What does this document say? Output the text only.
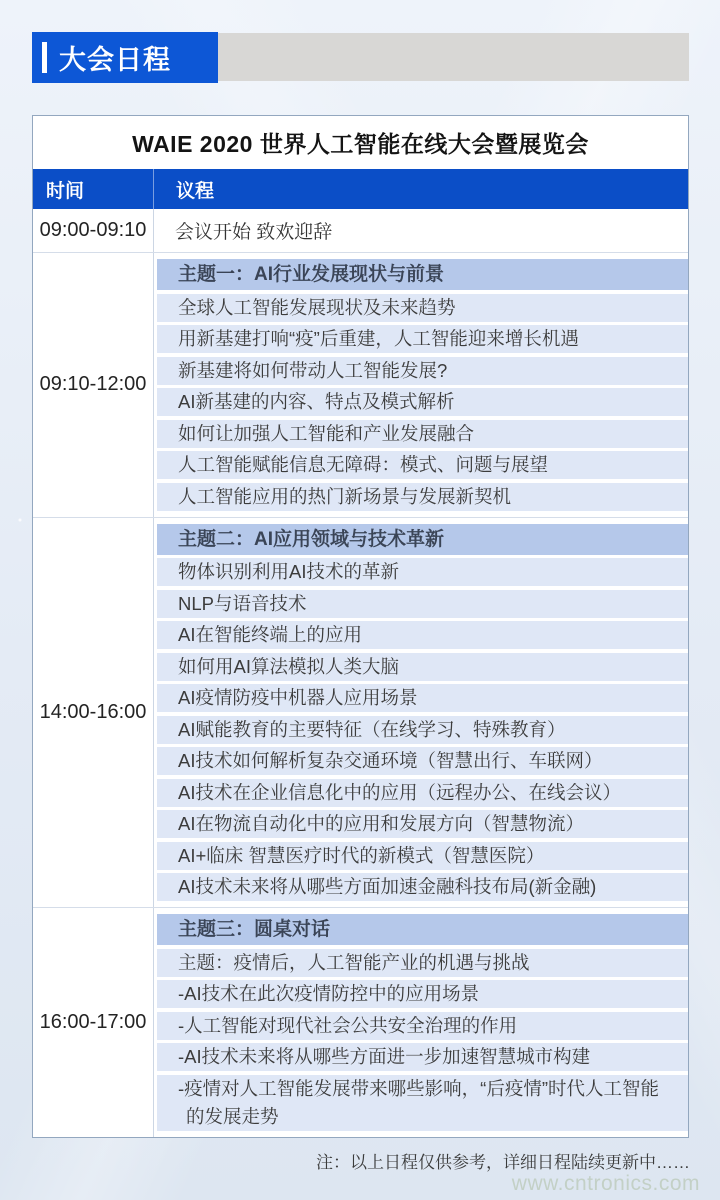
大会日程
WAIE 2020 世界人工智能在线大会暨展览会
时间	议程
09:00-09:10	会议开始 致欢迎辞
09:10-12:00
主题一：AI行业发展现状与前景
全球人工智能发展现状及未来趋势
用新基建打响“疫”后重建，人工智能迎来增长机遇
新基建将如何带动人工智能发展?
AI新基建的内容、特点及模式解析
如何让加强人工智能和产业发展融合
人工智能赋能信息无障碍：模式、问题与展望
人工智能应用的热门新场景与发展新契机
14:00-16:00
主题二：AI应用领域与技术革新
物体识别利用AI技术的革新
NLP与语音技术
AI在智能终端上的应用
如何用AI算法模拟人类大脑
AI疫情防疫中机器人应用场景
AI赋能教育的主要特征（在线学习、特殊教育）
AI技术如何解析复杂交通环境（智慧出行、车联网）
AI技术在企业信息化中的应用（远程办公、在线会议）
AI在物流自动化中的应用和发展方向（智慧物流）
AI+临床 智慧医疗时代的新模式（智慧医院）
AI技术未来将从哪些方面加速金融科技布局(新金融)
16:00-17:00
主题三：圆桌对话
主题：疫情后，人工智能产业的机遇与挑战
-AI技术在此次疫情防控中的应用场景
-人工智能对现代社会公共安全治理的作用
-AI技术未来将从哪些方面进一步加速智慧城市构建
-疫情对人工智能发展带来哪些影响，“后疫情”时代人工智能的发展走势
注：以上日程仅供参考，详细日程陆续更新中……
www.cntronics.com
